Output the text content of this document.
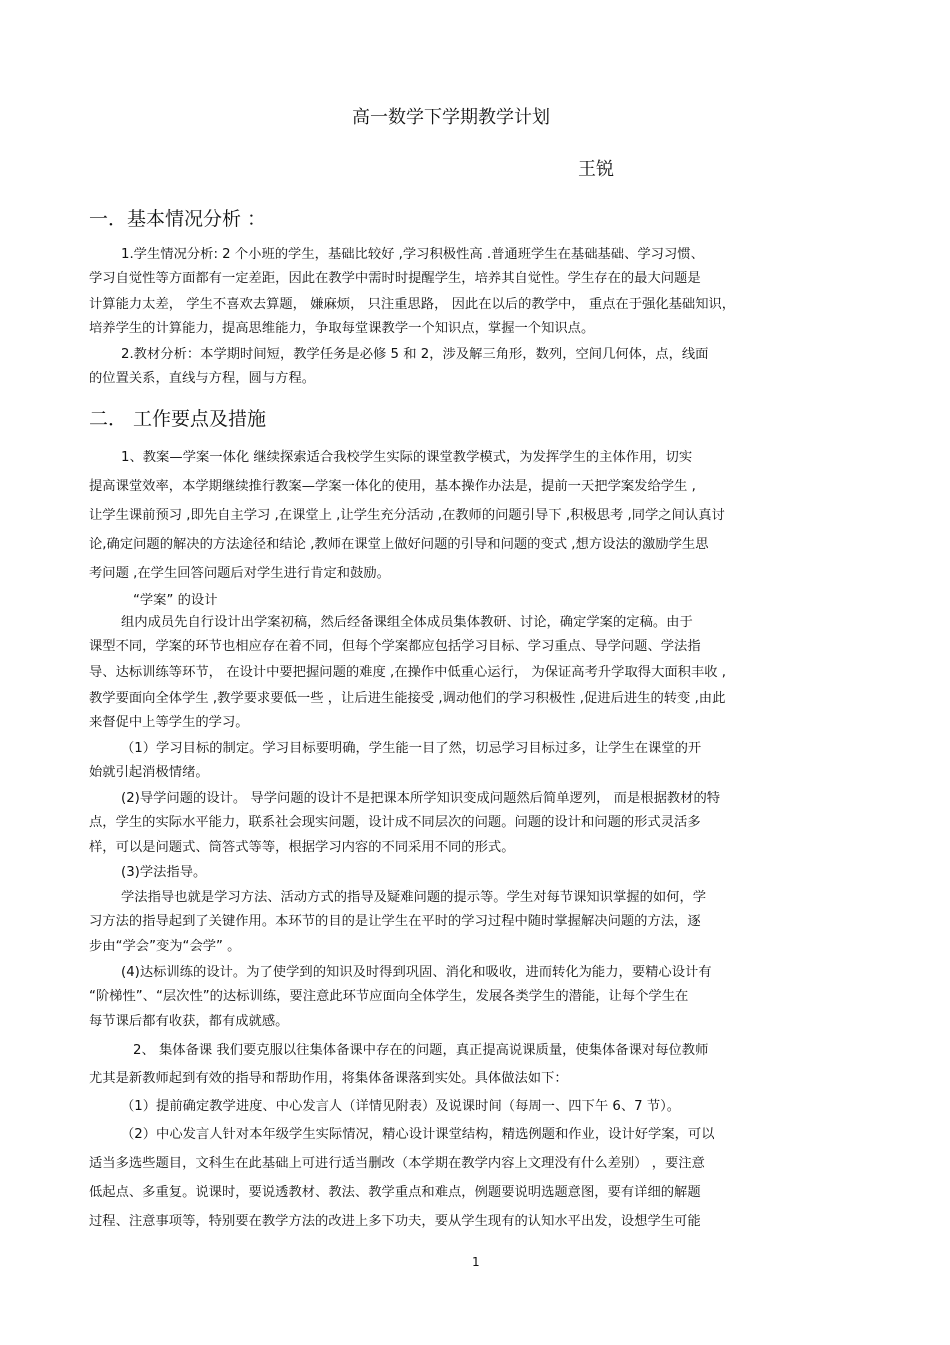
高一数学下学期教学计划
王锐
一．基本情况分析 ：
1.学生情况分析: 2 个小班的学生，基础比较好 ,学习积极性高 .普通班学生在基础基础、学习习惯、
学习自觉性等方面都有一定差距，因此在教学中需时时提醒学生，培养其自觉性。学生存在的最大问题是
计算能力太差， 学生不喜欢去算题， 嫌麻烦， 只注重思路， 因此在以后的教学中， 重点在于强化基础知识，
培养学生的计算能力，提高思维能力，争取每堂课教学一个知识点，掌握一个知识点。
2.教材分析：本学期时间短，教学任务是必修 5 和 2，涉及解三角形，数列，空间几何体，点，线面
的位置关系，直线与方程，圆与方程。
二． 工作要点及措施
1、教案—学案一体化 继续探索适合我校学生实际的课堂教学模式，为发挥学生的主体作用，切实
提高课堂效率，本学期继续推行教案—学案一体化的使用，基本操作办法是，提前一天把学案发给学生 ,
让学生课前预习 ,即先自主学习 ,在课堂上 ,让学生充分活动 ,在教师的问题引导下 ,积极思考 ,同学之间认真讨
论,确定问题的解决的方法途径和结论 ,教师在课堂上做好问题的引导和问题的变式 ,想方设法的激励学生思
考问题 ,在学生回答问题后对学生进行肯定和鼓励。
“学案” 的设计
组内成员先自行设计出学案初稿，然后经备课组全体成员集体教研、讨论，确定学案的定稿。由于
课型不同，学案的环节也相应存在着不同，但每个学案都应包括学习目标、学习重点、导学问题、学法指
导、达标训练等环节， 在设计中要把握问题的难度 ,在操作中低重心运行， 为保证高考升学取得大面积丰收 ,
教学要面向全体学生 ,教学要求要低一些 ，让后进生能接受 ,调动他们的学习积极性 ,促进后进生的转变 ,由此
来督促中上等学生的学习。
（1）学习目标的制定。学习目标要明确，学生能一目了然，切忌学习目标过多，让学生在课堂的开
始就引起消极情绪。
(2)导学问题的设计。 导学问题的设计不是把课本所学知识变成问题然后简单逻列， 而是根据教材的特
点，学生的实际水平能力，联系社会现实问题，设计成不同层次的问题。问题的设计和问题的形式灵活多
样，可以是问题式、筒答式等等，根据学习内容的不同采用不同的形式。
(3)学法指导。
学法指导也就是学习方法、活动方式的指导及疑难问题的提示等。学生对每节课知识掌握的如何，学
习方法的指导起到了关键作用。本环节的目的是让学生在平时的学习过程中随时掌握解决问题的方法，逐
步由“学会”变为“会学” 。
(4)达标训练的设计。为了使学到的知识及时得到巩固、消化和吸收，进而转化为能力，要精心设计有
“阶梯性”、“层次性”的达标训练，要注意此环节应面向全体学生，发展各类学生的潜能，让每个学生在
每节课后都有收获，都有成就感。
2、 集体备课 我们要克服以往集体备课中存在的问题，真正提高说课质量，使集体备课对每位教师
尤其是新教师起到有效的指导和帮助作用，将集体备课落到实处。具体做法如下：
（1）提前确定教学进度、中心发言人（详情见附表）及说课时间（每周一、四下午 6、7 节）。
（2）中心发言人针对本年级学生实际情况，精心设计课堂结构，精选例题和作业，设计好学案，可以
适当多选些题目，文科生在此基础上可进行适当删改（本学期在教学内容上文理没有什么差别） ，要注意
低起点、多重复。说课时，要说透教材、教法、教学重点和难点，例题要说明选题意图，要有详细的解题
过程、注意事项等，特别要在教学方法的改进上多下功夫，要从学生现有的认知水平出发，设想学生可能
1
